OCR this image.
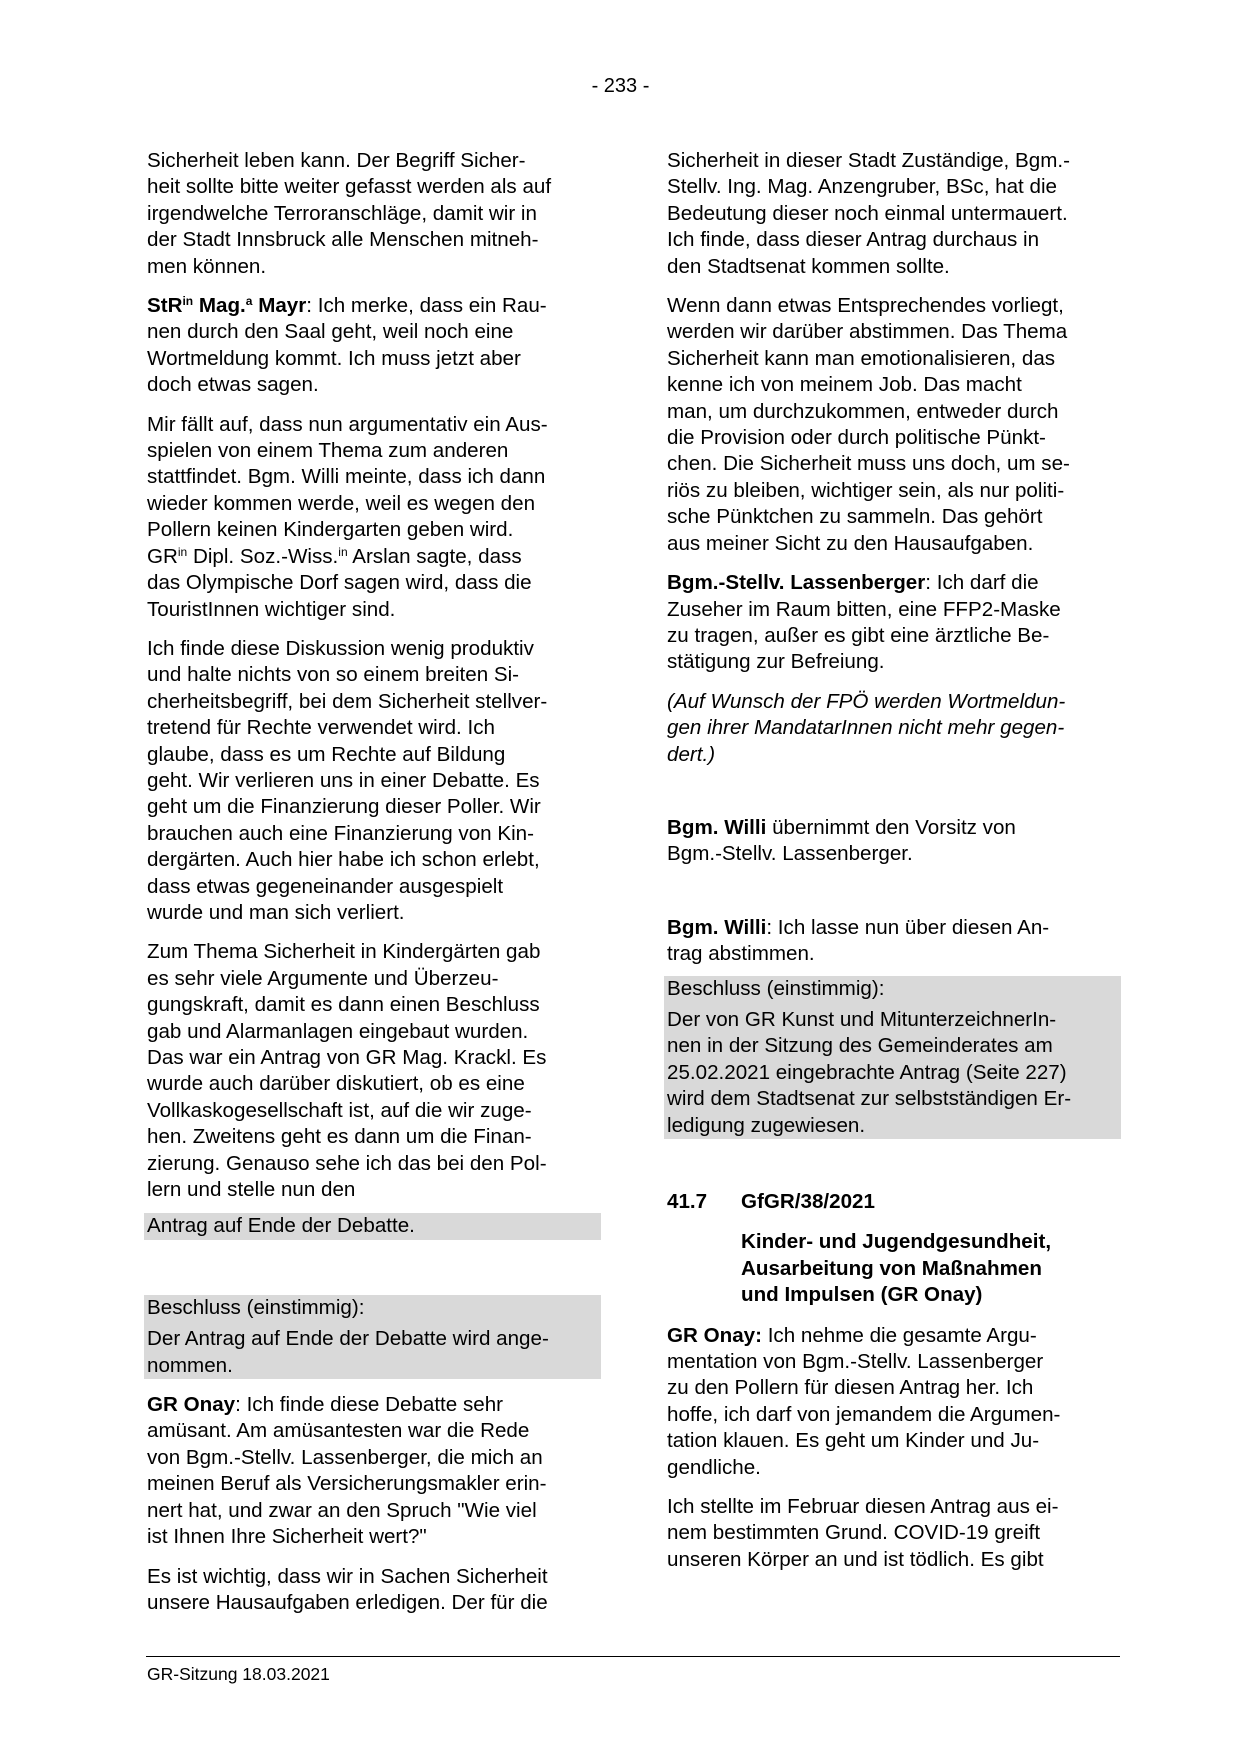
- 233 -

Sicherheit leben kann. Der Begriff Sicher-
heit sollte bitte weiter gefasst werden als auf
irgendwelche Terroranschläge, damit wir in
der Stadt Innsbruck alle Menschen mitneh-
men können.

StR$^{in}$ Mag.$^a$ Mayr: Ich merke, dass ein Rau-
nen durch den Saal geht, weil noch eine
Wortmeldung kommt. Ich muss jetzt aber
doch etwas sagen.

Mir fällt auf, dass nun argumentativ ein Aus-
spielen von einem Thema zum anderen
stattfindet. Bgm. Willi meinte, dass ich dann
wieder kommen werde, weil es wegen den
Pollern keinen Kindergarten geben wird.
$GR^{in}$ Dipl. Soz.-Wiss.$^{in}$ Arslan sagte, dass
das Olympische Dorf sagen wird, dass die
TouristInnen wichtiger sind.

Ich finde diese Diskussion wenig produktiv
und halte nichts von so einem breiten Si-
cherheitsbegriff, bei dem Sicherheit stellver-
tretend für Rechte verwendet wird. Ich
glaube, dass es um Rechte auf Bildung
geht. Wir verlieren uns in einer Debatte. Es
geht um die Finanzierung dieser Poller. Wir
brauchen auch eine Finanzierung von Kin-
dergärten. Auch hier habe ich schon erlebt,
dass etwas gegeneinander ausgespielt
wurde und man sich verliert.

Zum Thema Sicherheit in Kindergärten gab
es sehr viele Argumente und Überzeu-
gungskraft, damit es dann einen Beschluss
gab und Alarmanlagen eingebaut wurden.
Das war ein Antrag von GR Mag. Krackl. Es
wurde auch darüber diskutiert, ob es eine
Vollkaskogesellschaft ist, auf die wir zuge-
hen. Zweitens geht es dann um die Finan-
zierung. Genauso sehe ich das bei den Pol-
lern und stelle nun den

Antrag auf Ende der Debatte.

Beschluss (einstimmig):

Der Antrag auf Ende der Debatte wird ange-
nommen.

GR Onay: Ich finde diese Debatte sehr
amüsant. Am amüsantesten war die Rede
von Bgm.-Stellv. Lassenberger, die mich an
meinen Beruf als Versicherungsmakler erin-
nert hat, und zwar an den Spruch "Wie viel
ist Ihnen Ihre Sicherheit wert?"

Es ist wichtig, dass wir in Sachen Sicherheit
unsere Hausaufgaben erledigen. Der für die

Sicherheit in dieser Stadt Zuständige, Bgm.-
Stellv. Ing. Mag. Anzengruber, BSc, hat die
Bedeutung dieser noch einmal untermauert.
Ich finde, dass dieser Antrag durchaus in
den Stadtsenat kommen sollte.

Wenn dann etwas Entsprechendes vorliegt,
werden wir darüber abstimmen. Das Thema
Sicherheit kann man emotionalisieren, das
kenne ich von meinem Job. Das macht
man, um durchzukommen, entweder durch
die Provision oder durch politische Pünkt-
chen. Die Sicherheit muss uns doch, um se-
riös zu bleiben, wichtiger sein, als nur politi-
sche Pünktchen zu sammeln. Das gehört
aus meiner Sicht zu den Hausaufgaben.

Bgm.-Stellv. Lassenberger: Ich darf die
Zuseher im Raum bitten, eine FFP2-Maske
zu tragen, außer es gibt eine ärztliche Be-
stätigung zur Befreiung.

(Auf Wunsch der FPÖ werden Wortmeldun-
gen ihrer MandatarInnen nicht mehr gegen-
dert.)

Bgm. Willi übernimmt den Vorsitz von
Bgm.-Stellv. Lassenberger.

Bgm. Willi: Ich lasse nun über diesen An-
trag abstimmen.

Beschluss (einstimmig):

Der von GR Kunst und MitunterzeichnerIn-
nen in der Sitzung des Gemeinderates am
25.02.2021 eingebrachte Antrag (Seite 227)
wird dem Stadtsenat zur selbstständigen Er-
ledigung zugewiesen.

41.7	GfGR/38/2021
Kinder- und Jugendgesundheit,
Ausarbeitung von Maßnahmen
und Impulsen (GR Onay)

GR Onay: Ich nehme die gesamte Argu-
mentation von Bgm.-Stellv. Lassenberger
zu den Pollern für diesen Antrag her. Ich
hoffe, ich darf von jemandem die Argumen-
tation klauen. Es geht um Kinder und Ju-
gendliche.

Ich stellte im Februar diesen Antrag aus ei-
nem bestimmten Grund. COVID-19 greift
unseren Körper an und ist tödlich. Es gibt

GR-Sitzung 18.03.2021
